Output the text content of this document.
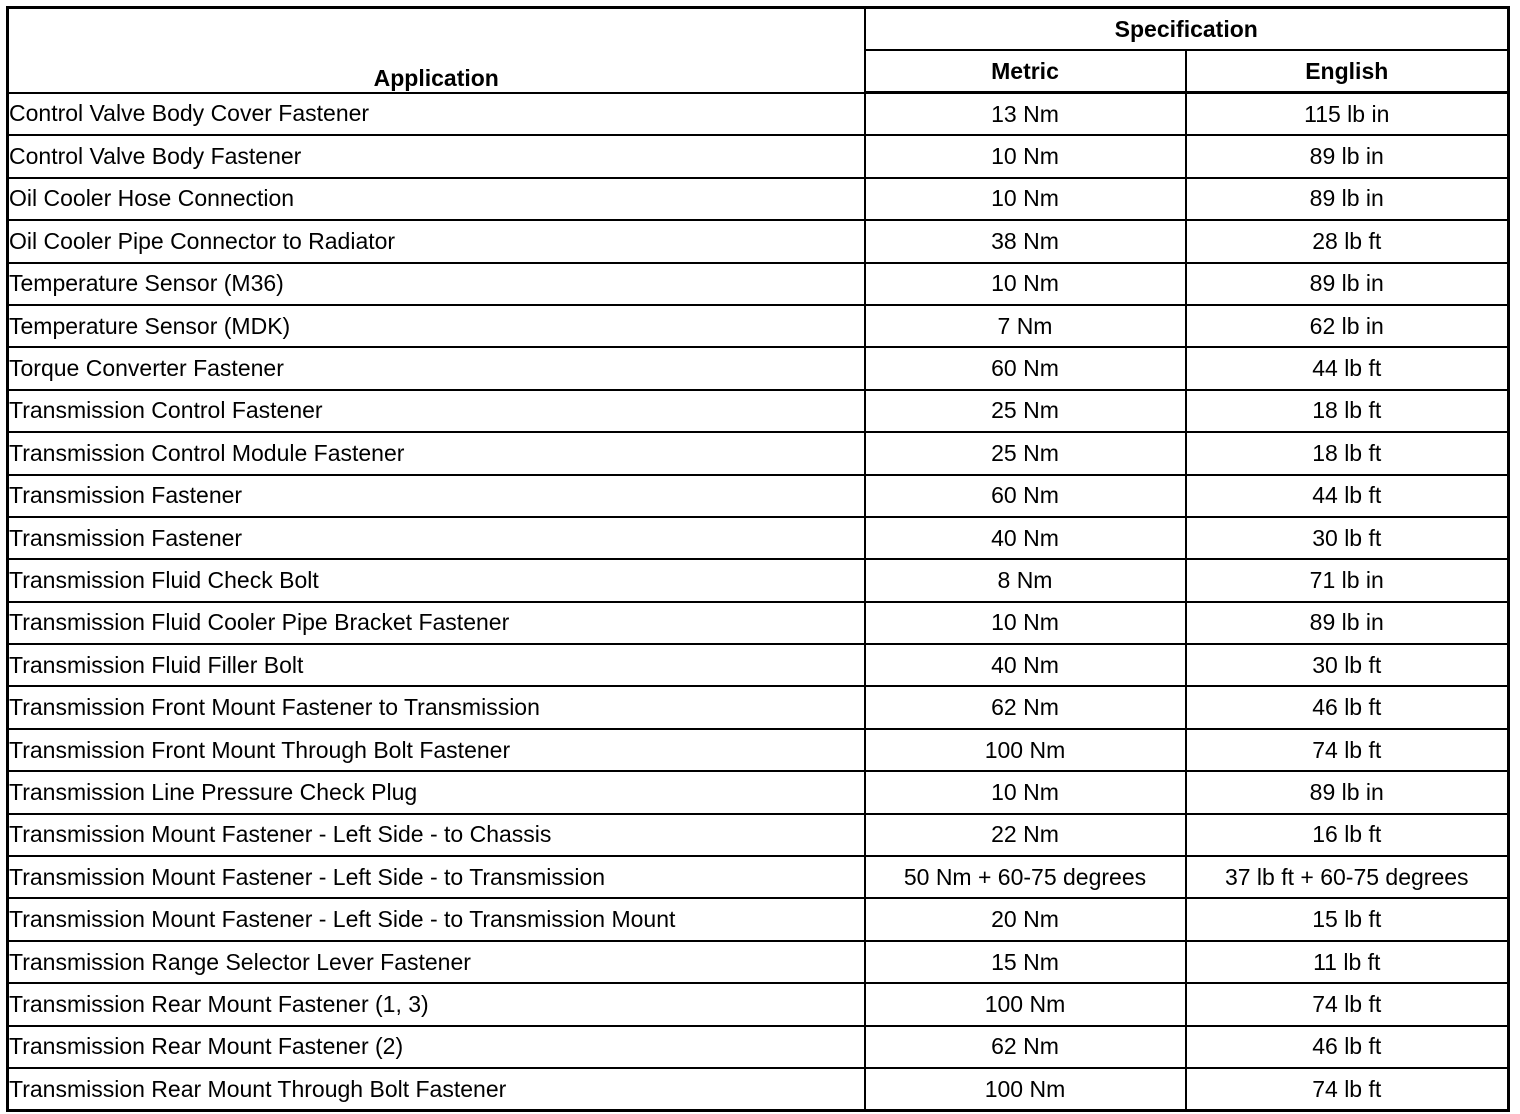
Application	Specification	
	Metric	English
Control Valve Body Cover Fastener	13 Nm	115 lb in
Control Valve Body Fastener	10 Nm	89 lb in
Oil Cooler Hose Connection	10 Nm	89 lb in
Oil Cooler Pipe Connector to Radiator	38 Nm	28 lb ft
Temperature Sensor (M36)	10 Nm	89 lb in
Temperature Sensor (MDK)	7 Nm	62 lb in
Torque Converter Fastener	60 Nm	44 lb ft
Transmission Control Fastener	25 Nm	18 lb ft
Transmission Control Module Fastener	25 Nm	18 lb ft
Transmission Fastener	60 Nm	44 lb ft
Transmission Fastener	40 Nm	30 lb ft
Transmission Fluid Check Bolt	8 Nm	71 lb in
Transmission Fluid Cooler Pipe Bracket Fastener	10 Nm	89 lb in
Transmission Fluid Filler Bolt	40 Nm	30 lb ft
Transmission Front Mount Fastener to Transmission	62 Nm	46 lb ft
Transmission Front Mount Through Bolt Fastener	100 Nm	74 lb ft
Transmission Line Pressure Check Plug	10 Nm	89 lb in
Transmission Mount Fastener - Left Side - to Chassis	22 Nm	16 lb ft
Transmission Mount Fastener - Left Side - to Transmission	50 Nm + 60-75 degrees	37 lb ft + 60-75 degrees
Transmission Mount Fastener - Left Side - to Transmission Mount	20 Nm	15 lb ft
Transmission Range Selector Lever Fastener	15 Nm	11 lb ft
Transmission Rear Mount Fastener (1, 3)	100 Nm	74 lb ft
Transmission Rear Mount Fastener (2)	62 Nm	46 lb ft
Transmission Rear Mount Through Bolt Fastener	100 Nm	74 lb ft
